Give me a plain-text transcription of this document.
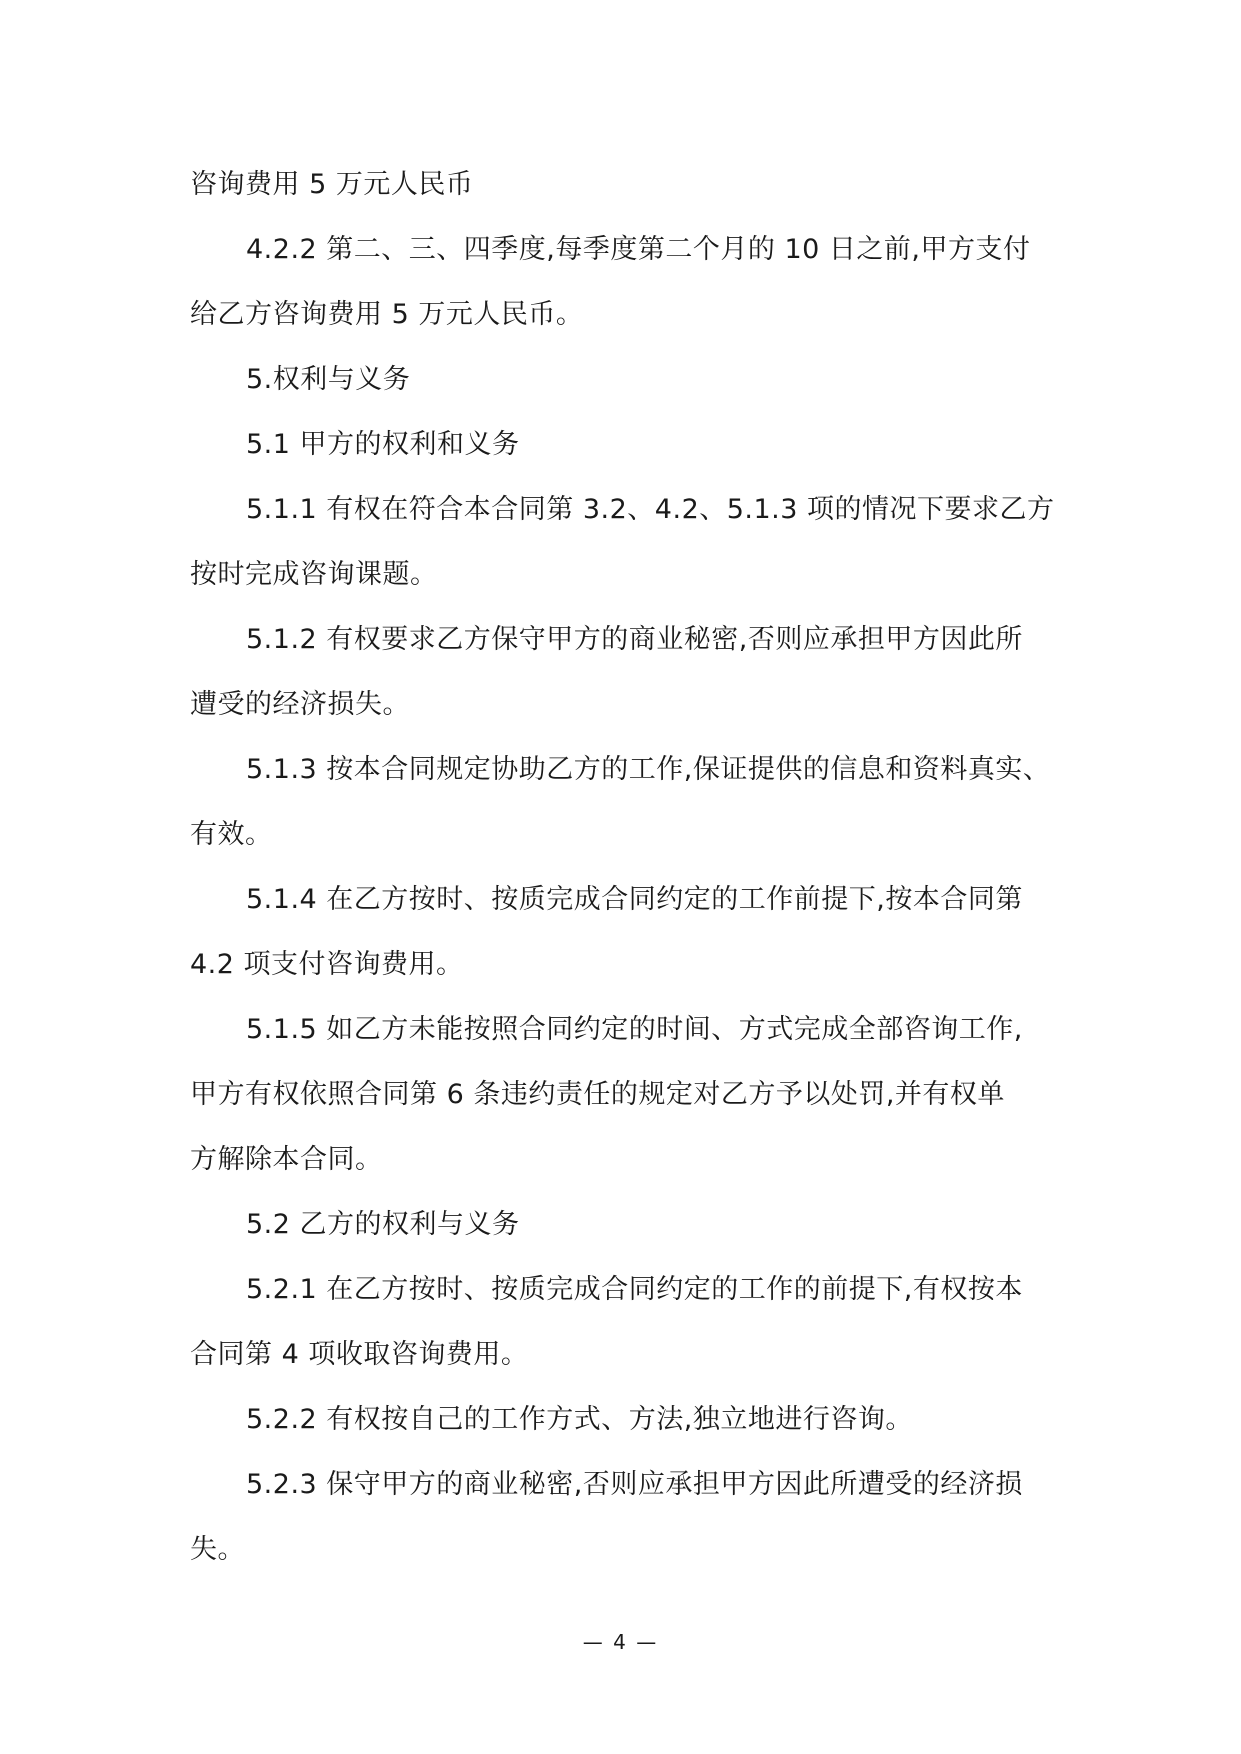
咨询费用 5 万元人民币
4.2.2 第二、三、四季度,每季度第二个月的 10 日之前,甲方支付
给乙方咨询费用 5 万元人民币。
5.权利与义务
5.1 甲方的权利和义务
5.1.1 有权在符合本合同第 3.2、4.2、5.1.3 项的情况下要求乙方
按时完成咨询课题。
5.1.2 有权要求乙方保守甲方的商业秘密,否则应承担甲方因此所
遭受的经济损失。
5.1.3 按本合同规定协助乙方的工作,保证提供的信息和资料真实、
有效。
5.1.4 在乙方按时、按质完成合同约定的工作前提下,按本合同第
4.2 项支付咨询费用。
5.1.5 如乙方未能按照合同约定的时间、方式完成全部咨询工作,
甲方有权依照合同第 6 条违约责任的规定对乙方予以处罚,并有权单
方解除本合同。
5.2 乙方的权利与义务
5.2.1 在乙方按时、按质完成合同约定的工作的前提下,有权按本
合同第 4 项收取咨询费用。
5.2.2 有权按自己的工作方式、方法,独立地进行咨询。
5.2.3 保守甲方的商业秘密,否则应承担甲方因此所遭受的经济损
失。
— 4 —
